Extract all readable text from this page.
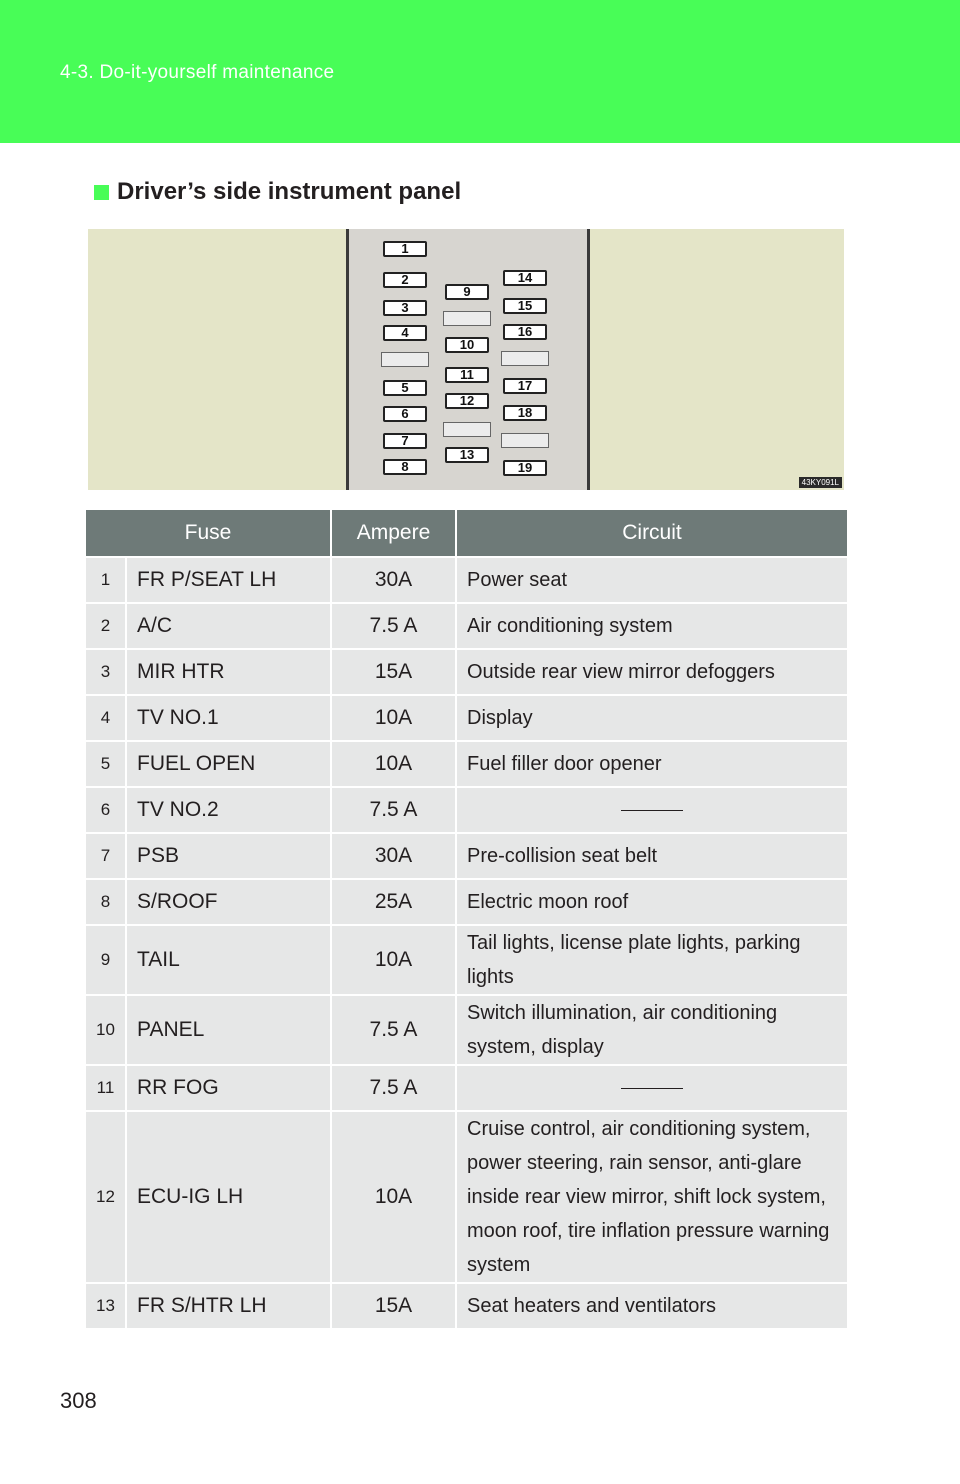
4-3. Do-it-yourself maintenance
Driver’s side instrument panel
1
2
3
4
5
6
7
8
9
10
11
12
13
14
15
16
17
18
19
43KY091L
Fuse		Ampere	Circuit
1	FR P/SEAT LH	30A	Power seat
2	A/C	7.5 A	Air conditioning system
3	MIR HTR	15A	Outside rear view mirror defoggers
4	TV NO.1	10A	Display
5	FUEL OPEN	10A	Fuel filler door opener
6	TV NO.2	7.5 A	

7	PSB	30A	Pre-collision seat belt
8	S/ROOF	25A	Electric moon roof
9	TAIL	10A	Tail lights, license plate lights, parking lights
10	PANEL	7.5 A	Switch illumination, air conditioning system, display
11	RR FOG	7.5 A	

12	ECU-IG LH	10A	Cruise control, air conditioning system, power steering, rain sensor, anti-glare inside rear view mirror, shift lock system, moon roof, tire inflation pressure warning system
13	FR S/HTR LH	15A	Seat heaters and ventilators
308
